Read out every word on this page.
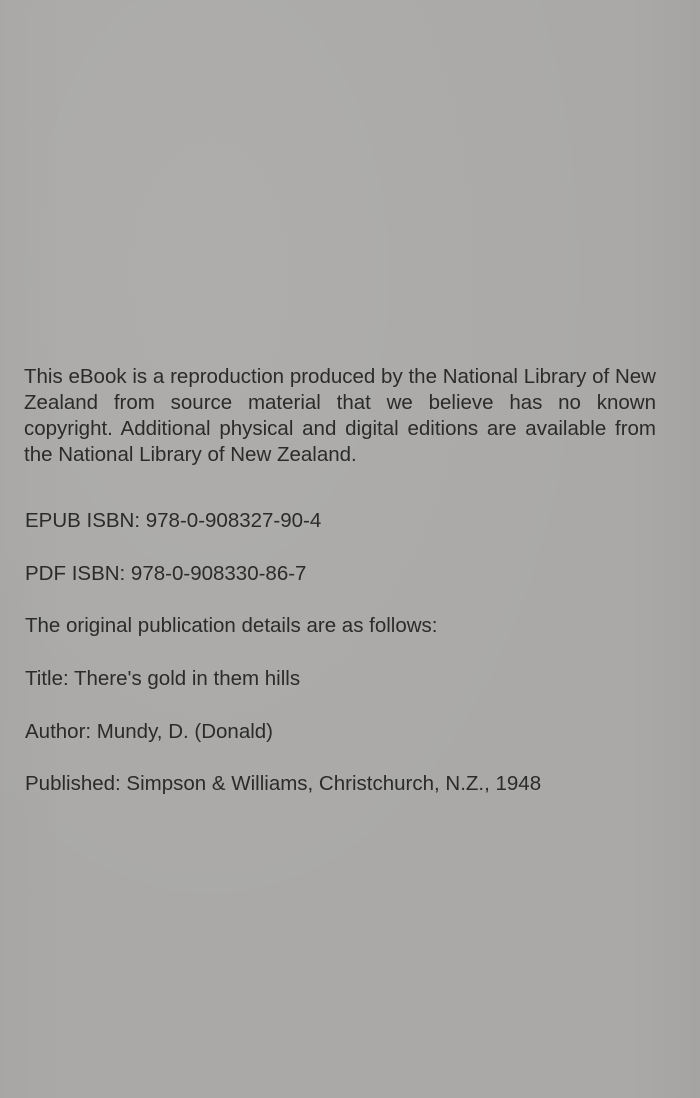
This eBook is a reproduction produced by the National Library of New Zealand from source material that we believe has no known copyright. Additional physical and digital editions are available from the National Library of New Zealand.

EPUB ISBN: 978-0-908327-90-4

PDF ISBN: 978-0-908330-86-7

The original publication details are as follows:

Title: There's gold in them hills

Author: Mundy, D. (Donald)

Published: Simpson & Williams, Christchurch, N.Z., 1948
